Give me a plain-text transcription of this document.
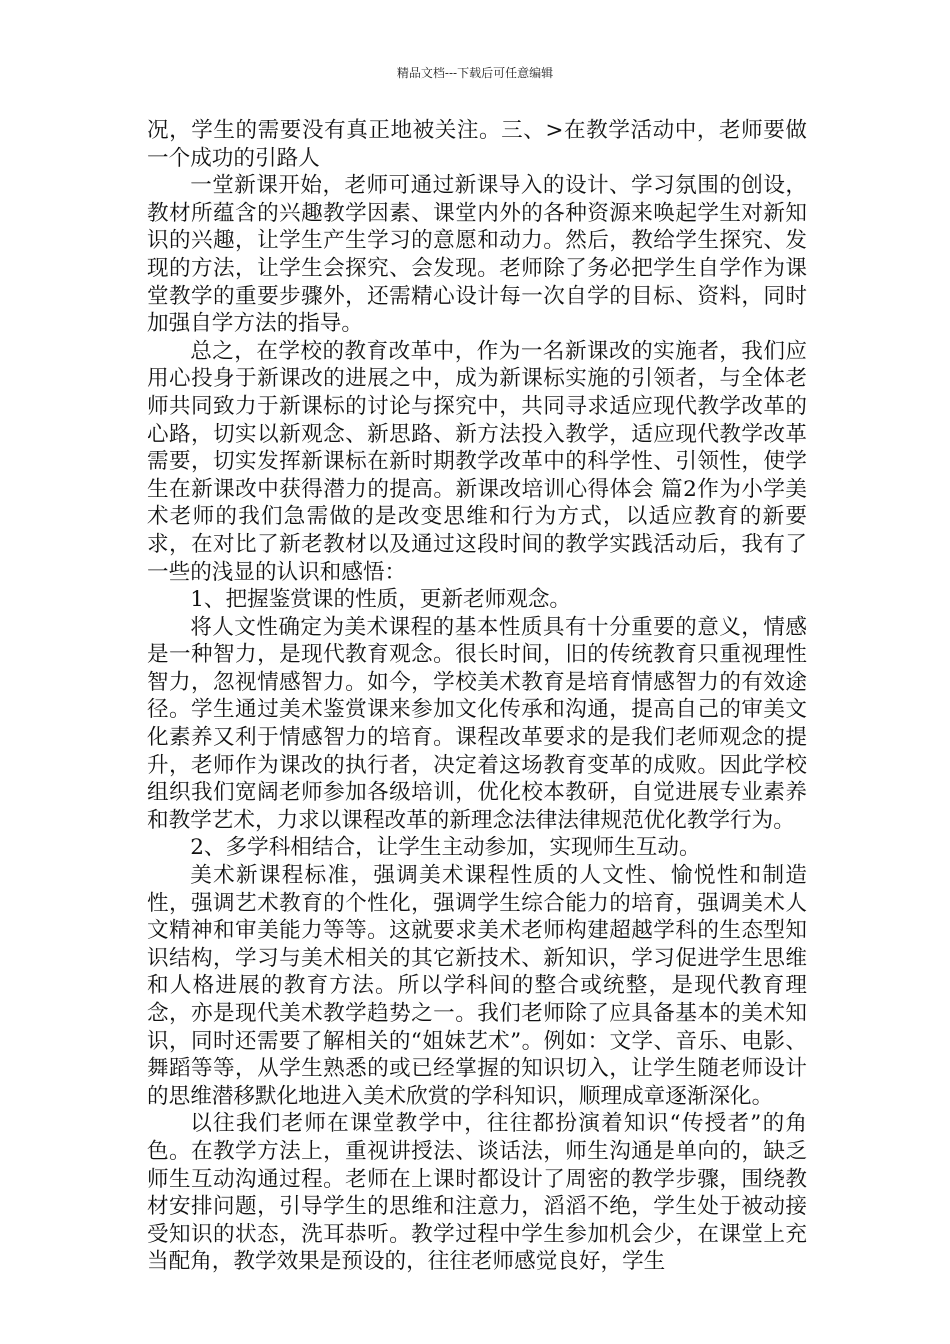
精品文档---下载后可任意编辑

况，学生的需要没有真正地被关注。三、>在教学活动中，老师要做一个成功的引路人

一堂新课开始，老师可通过新课导入的设计、学习氛围的创设，教材所蕴含的兴趣教学因素、课堂内外的各种资源来唤起学生对新知识的兴趣，让学生产生学习的意愿和动力。然后，教给学生探究、发现的方法，让学生会探究、会发现。老师除了务必把学生自学作为课堂教学的重要步骤外，还需精心设计每一次自学的目标、资料，同时加强自学方法的指导。

总之，在学校的教育改革中，作为一名新课改的实施者，我们应用心投身于新课改的进展之中，成为新课标实施的引领者，与全体老师共同致力于新课标的讨论与探究中，共同寻求适应现代教学改革的心路，切实以新观念、新思路、新方法投入教学，适应现代教学改革需要，切实发挥新课标在新时期教学改革中的科学性、引领性，使学生在新课改中获得潜力的提高。新课改培训心得体会 篇2作为小学美术老师的我们急需做的是改变思维和行为方式，以适应教育的新要求，在对比了新老教材以及通过这段时间的教学实践活动后，我有了一些的浅显的认识和感悟：

1、把握鉴赏课的性质，更新老师观念。

将人文性确定为美术课程的基本性质具有十分重要的意义，情感是一种智力，是现代教育观念。很长时间，旧的传统教育只重视理性智力，忽视情感智力。如今，学校美术教育是培育情感智力的有效途径。学生通过美术鉴赏课来参加文化传承和沟通，提高自己的审美文化素养又利于情感智力的培育。课程改革要求的是我们老师观念的提升，老师作为课改的执行者，决定着这场教育变革的成败。因此学校组织我们宽阔老师参加各级培训，优化校本教研，自觉进展专业素养和教学艺术，力求以课程改革的新理念法律法律规范优化教学行为。

2、多学科相结合，让学生主动参加，实现师生互动。

美术新课程标准，强调美术课程性质的人文性、愉悦性和制造性，强调艺术教育的个性化，强调学生综合能力的培育，强调美术人文精神和审美能力等等。这就要求美术老师构建超越学科的生态型知识结构，学习与美术相关的其它新技术、新知识，学习促进学生思维和人格进展的教育方法。所以学科间的整合或统整，是现代教育理念，亦是现代美术教学趋势之一。我们老师除了应具备基本的美术知识，同时还需要了解相关的“姐妹艺术”。例如：文学、音乐、电影、舞蹈等等，从学生熟悉的或已经掌握的知识切入，让学生随老师设计的思维潜移默化地进入美术欣赏的学科知识，顺理成章逐渐深化。

以往我们老师在课堂教学中，往往都扮演着知识“传授者”的角色。在教学方法上，重视讲授法、谈话法，师生沟通是单向的，缺乏师生互动沟通过程。老师在上课时都设计了周密的教学步骤，围绕教材安排问题，引导学生的思维和注意力，滔滔不绝，学生处于被动接受知识的状态，洗耳恭听。教学过程中学生参加机会少，在课堂上充当配角，教学效果是预设的，往往老师感觉良好，学生
